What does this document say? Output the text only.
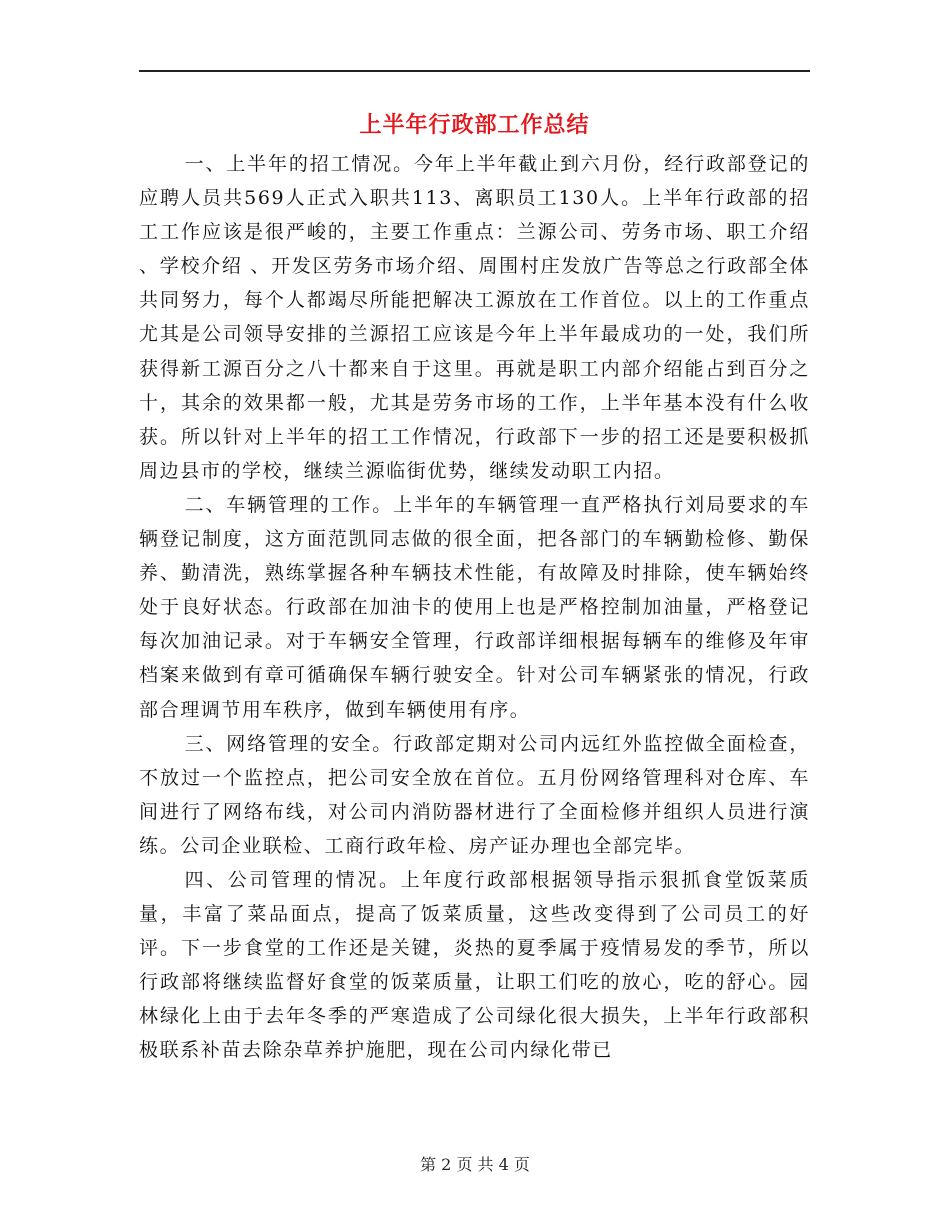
上半年行政部工作总结

一、上半年的招工情况。今年上半年截止到六月份，经行政部登记的应聘人员共569人正式入职共113、离职员工130人。上半年行政部的招工工作应该是很严峻的，主要工作重点：兰源公司、劳务市场、职工介绍 、学校介绍 、开发区劳务市场介绍、周围村庄发放广告等总之行政部全体共同努力，每个人都竭尽所能把解决工源放在工作首位。以上的工作重点尤其是公司领导安排的兰源招工应该是今年上半年最成功的一处，我们所获得新工源百分之八十都来自于这里。再就是职工内部介绍能占到百分之十，其余的效果都一般，尤其是劳务市场的工作，上半年基本没有什么收获。所以针对上半年的招工工作情况，行政部下一步的招工还是要积极抓周边县市的学校，继续兰源临街优势，继续发动职工内招。

二、车辆管理的工作。上半年的车辆管理一直严格执行刘局要求的车辆登记制度，这方面范凯同志做的很全面，把各部门的车辆勤检修、勤保养、勤清洗，熟练掌握各种车辆技术性能，有故障及时排除，使车辆始终处于良好状态。行政部在加油卡的使用上也是严格控制加油量，严格登记每次加油记录。对于车辆安全管理，行政部详细根据每辆车的维修及年审档案来做到有章可循确保车辆行驶安全。针对公司车辆紧张的情况，行政部合理调节用车秩序，做到车辆使用有序。

三、网络管理的安全。行政部定期对公司内远红外监控做全面检查，不放过一个监控点，把公司安全放在首位。五月份网络管理科对仓库、车间进行了网络布线，对公司内消防器材进行了全面检修并组织人员进行演练。公司企业联检、工商行政年检、房产证办理也全部完毕。

四、公司管理的情况。上年度行政部根据领导指示狠抓食堂饭菜质量，丰富了菜品面点，提高了饭菜质量，这些改变得到了公司员工的好评。下一步食堂的工作还是关键，炎热的夏季属于疫情易发的季节，所以行政部将继续监督好食堂的饭菜质量，让职工们吃的放心，吃的舒心。园林绿化上由于去年冬季的严寒造成了公司绿化很大损失，上半年行政部积极联系补苗去除杂草养护施肥，现在公司内绿化带已

第 2 页 共 4 页
